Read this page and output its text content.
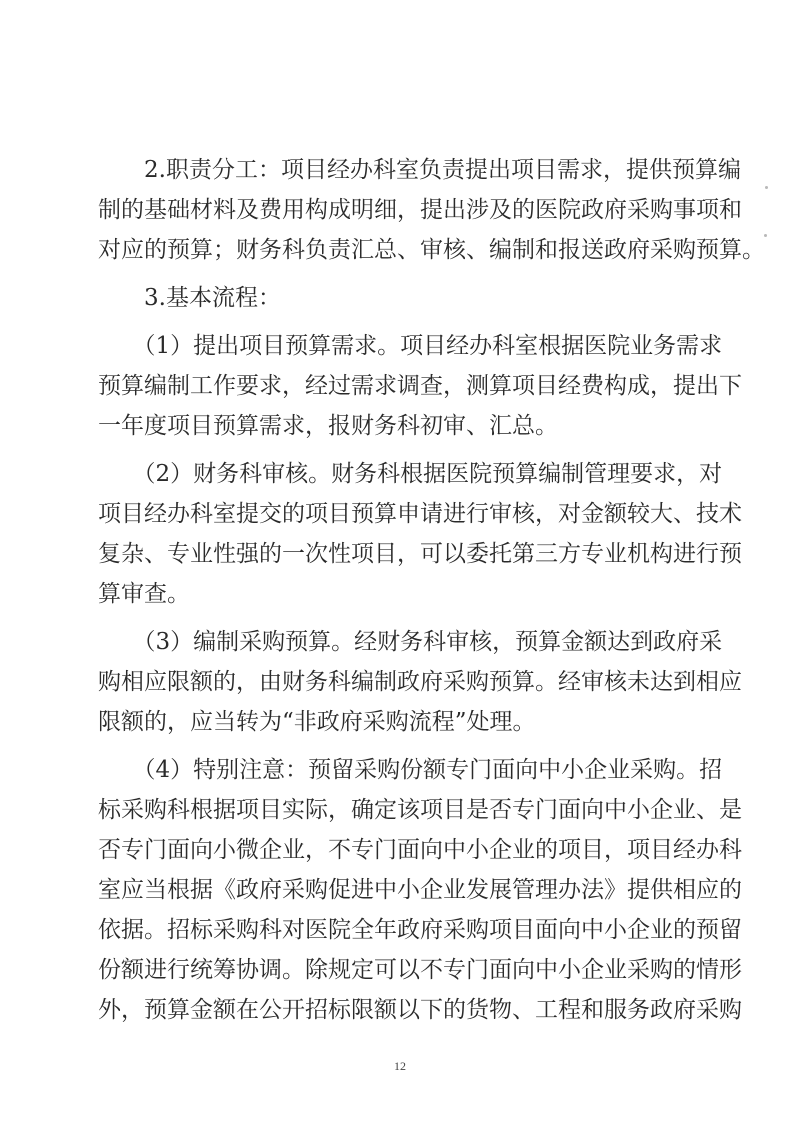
　　2.职责分工：项目经办科室负责提出项目需求，提供预算编
制的基础材料及费用构成明细，提出涉及的医院政府采购事项和
对应的预算；财务科负责汇总、审核、编制和报送政府采购预算。
　　3.基本流程：
　　（1）提出项目预算需求。项目经办科室根据医院业务需求
预算编制工作要求，经过需求调查，测算项目经费构成，提出下
一年度项目预算需求，报财务科初审、汇总。
　　（2）财务科审核。财务科根据医院预算编制管理要求，对
项目经办科室提交的项目预算申请进行审核，对金额较大、技术
复杂、专业性强的一次性项目，可以委托第三方专业机构进行预
算审查。
　　（3）编制采购预算。经财务科审核，预算金额达到政府采
购相应限额的，由财务科编制政府采购预算。经审核未达到相应
限额的，应当转为“非政府采购流程”处理。
　　（4）特别注意：预留采购份额专门面向中小企业采购。招
标采购科根据项目实际，确定该项目是否专门面向中小企业、是
否专门面向小微企业，不专门面向中小企业的项目，项目经办科
室应当根据《政府采购促进中小企业发展管理办法》提供相应的
依据。招标采购科对医院全年政府采购项目面向中小企业的预留
份额进行统筹协调。除规定可以不专门面向中小企业采购的情形
外，预算金额在公开招标限额以下的货物、工程和服务政府采购
12
